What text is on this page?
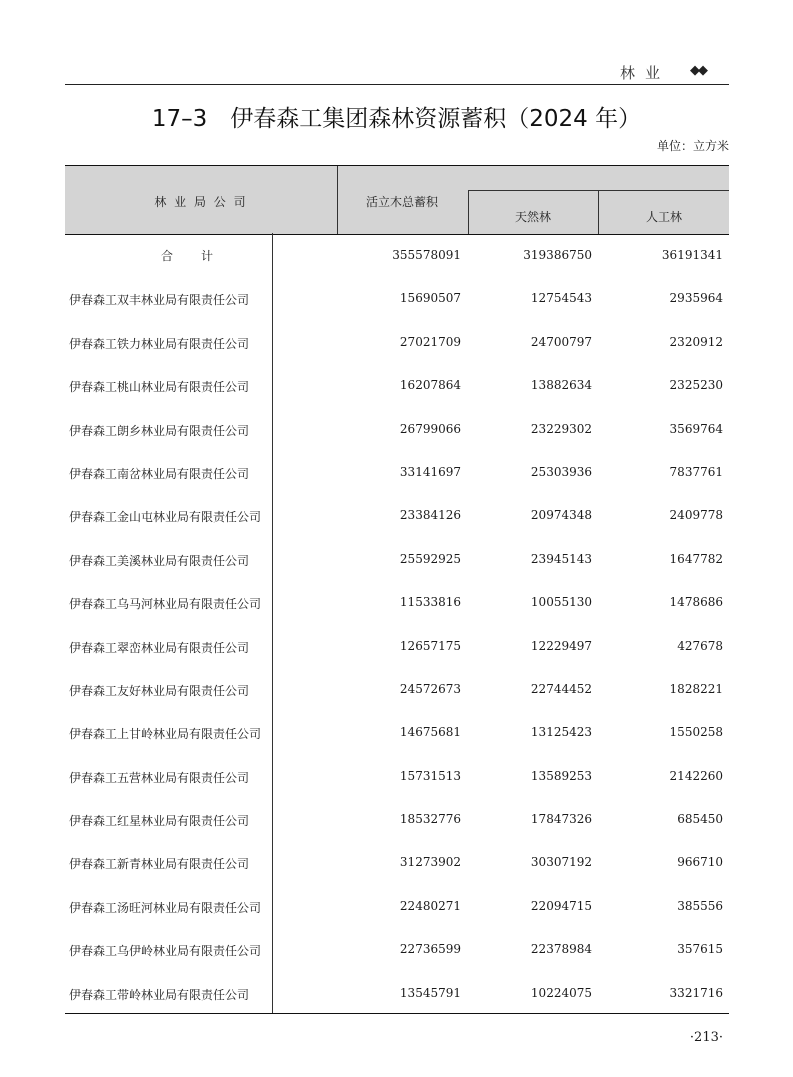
林业 ◆◆
17–3　伊春森工集团森林资源蓄积（2024 年）
单位：立方米
林 业 局 公 司	活立木总蓄积
天然林	人工林
合计	355578091	319386750	36191341
伊春森工双丰林业局有限责任公司	15690507	12754543	2935964
伊春森工铁力林业局有限责任公司	27021709	24700797	2320912
伊春森工桃山林业局有限责任公司	16207864	13882634	2325230
伊春森工朗乡林业局有限责任公司	26799066	23229302	3569764
伊春森工南岔林业局有限责任公司	33141697	25303936	7837761
伊春森工金山屯林业局有限责任公司	23384126	20974348	2409778
伊春森工美溪林业局有限责任公司	25592925	23945143	1647782
伊春森工乌马河林业局有限责任公司	11533816	10055130	1478686
伊春森工翠峦林业局有限责任公司	12657175	12229497	427678
伊春森工友好林业局有限责任公司	24572673	22744452	1828221
伊春森工上甘岭林业局有限责任公司	14675681	13125423	1550258
伊春森工五营林业局有限责任公司	15731513	13589253	2142260
伊春森工红星林业局有限责任公司	18532776	17847326	685450
伊春森工新青林业局有限责任公司	31273902	30307192	966710
伊春森工汤旺河林业局有限责任公司	22480271	22094715	385556
伊春森工乌伊岭林业局有限责任公司	22736599	22378984	357615
伊春森工带岭林业局有限责任公司	13545791	10224075	3321716
·213·
